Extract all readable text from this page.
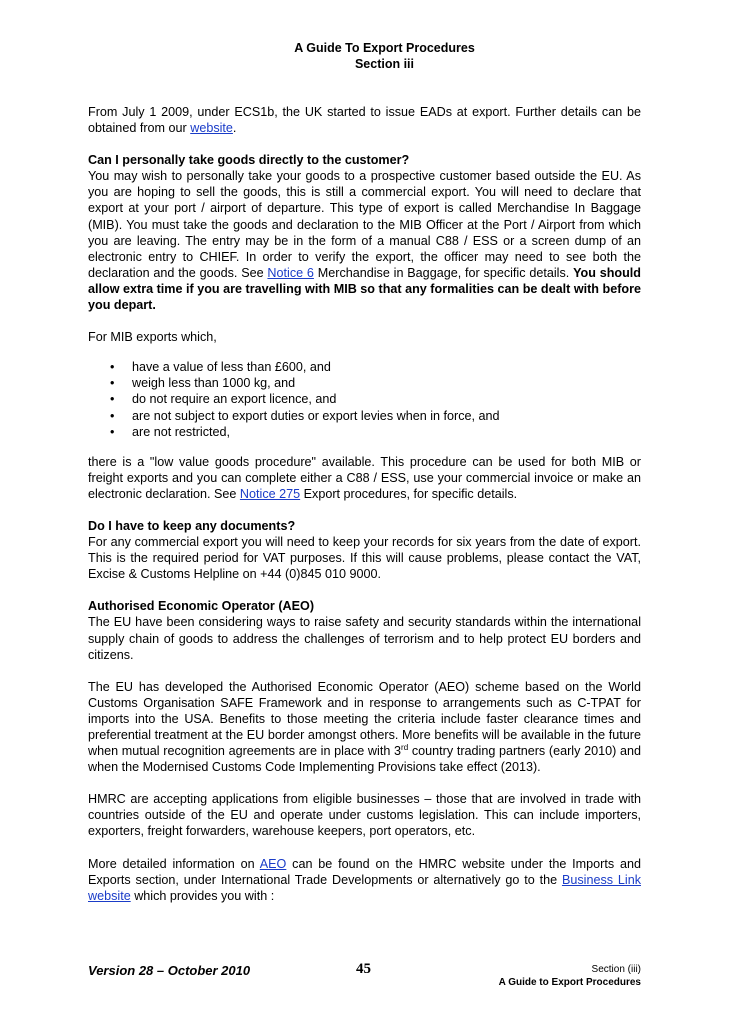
A Guide To Export Procedures
Section iii

From July 1 2009, under ECS1b, the UK started to issue EADs at export. Further details can be obtained from our website.

Can I personally take goods directly to the customer?

You may wish to personally take your goods to a prospective customer based outside the EU. As you are hoping to sell the goods, this is still a commercial export. You will need to declare that export at your port / airport of departure. This type of export is called Merchandise In Baggage (MIB). You must take the goods and declaration to the MIB Officer at the Port / Airport from which you are leaving. The entry may be in the form of a manual C88 / ESS or a screen dump of an electronic entry to CHIEF. In order to verify the export, the officer may need to see both the declaration and the goods. See Notice 6 Merchandise in Baggage, for specific details. You should allow extra time if you are travelling with MIB so that any formalities can be dealt with before you depart.

For MIB exports which,

• have a value of less than £600, and
• weigh less than 1000 kg, and
• do not require an export licence, and
• are not subject to export duties or export levies when in force, and
• are not restricted,

there is a "low value goods procedure" available. This procedure can be used for both MIB or freight exports and you can complete either a C88 / ESS, use your commercial invoice or make an electronic declaration. See Notice 275 Export procedures, for specific details.

Do I have to keep any documents?

For any commercial export you will need to keep your records for six years from the date of export. This is the required period for VAT purposes. If this will cause problems, please contact the VAT, Excise & Customs Helpline on +44 (0)845 010 9000.

Authorised Economic Operator (AEO)

The EU have been considering ways to raise safety and security standards within the international supply chain of goods to address the challenges of terrorism and to help protect EU borders and citizens.

The EU has developed the Authorised Economic Operator (AEO) scheme based on the World Customs Organisation SAFE Framework and in response to arrangements such as C-TPAT for imports into the USA. Benefits to those meeting the criteria include faster clearance times and preferential treatment at the EU border amongst others. More benefits will be available in the future when mutual recognition agreements are in place with 3rd country trading partners (early 2010) and when the Modernised Customs Code Implementing Provisions take effect (2013).

HMRC are accepting applications from eligible businesses – those that are involved in trade with countries outside of the EU and operate under customs legislation. This can include importers, exporters, freight forwarders, warehouse keepers, port operators, etc.

More detailed information on AEO can be found on the HMRC website under the Imports and Exports section, under International Trade Developments or alternatively go to the Business Link website which provides you with :

Version 28 – October 2010	45	Section (iii)
A Guide to Export Procedures
